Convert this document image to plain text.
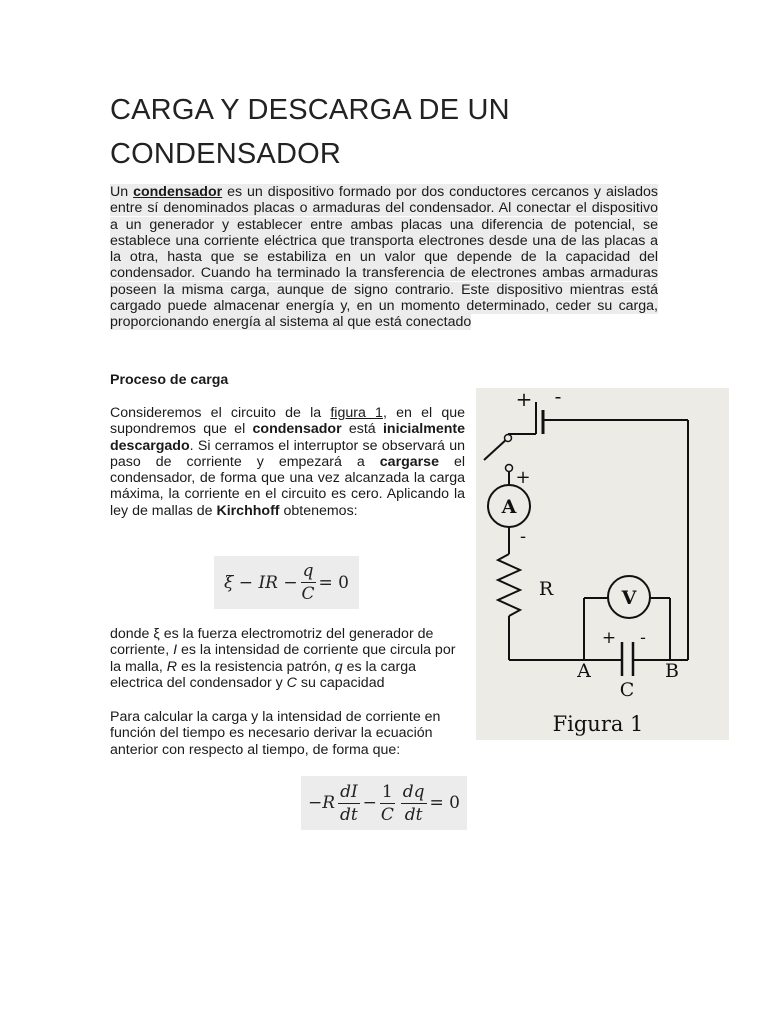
CARGA Y DESCARGA DE UN CONDENSADOR
Un condensador es un dispositivo formado por dos conductores cercanos y aislados entre sí denominados placas o armaduras del condensador. Al conectar el dispositivo a un generador y establecer entre ambas placas una diferencia de potencial, se establece una corriente eléctrica que transporta electrones desde una de las placas a la otra, hasta que se estabiliza en un valor que depende de la capacidad del condensador. Cuando ha terminado la transferencia de electrones ambas armaduras poseen la misma carga, aunque de signo contrario. Este dispositivo mientras está cargado puede almacenar energía y, en un momento determinado, ceder su carga, proporcionando energía al sistema al que está conectado
Proceso de carga
Consideremos el circuito de la figura 1, en el que supondremos que el condensador está inicialmente descargado. Si cerramos el interruptor se observará un paso de corriente y empezará a cargarse el condensador, de forma que una vez alcanzada la carga máxima, la corriente en el circuito es cero. Aplicando la ley de mallas de Kirchhoff obtenemos:
ξ − IR − $\frac{q}{C} = 0$
donde ξ es la fuerza electromotriz del generador de corriente, I es la intensidad de corriente que circula por la malla, R es la resistencia patrón, q es la carga electrica del condensador y C su capacidad
Para calcular la carga y la intensidad de corriente en función del tiempo es necesario derivar la ecuación anterior con respecto al tiempo, de forma que:
$-R \frac{dI}{dt} - \frac{1}{C} \frac{dq}{dt} = 0$
+ -
+
A
-
R	V
+ -
A	B
C
Figura 1
